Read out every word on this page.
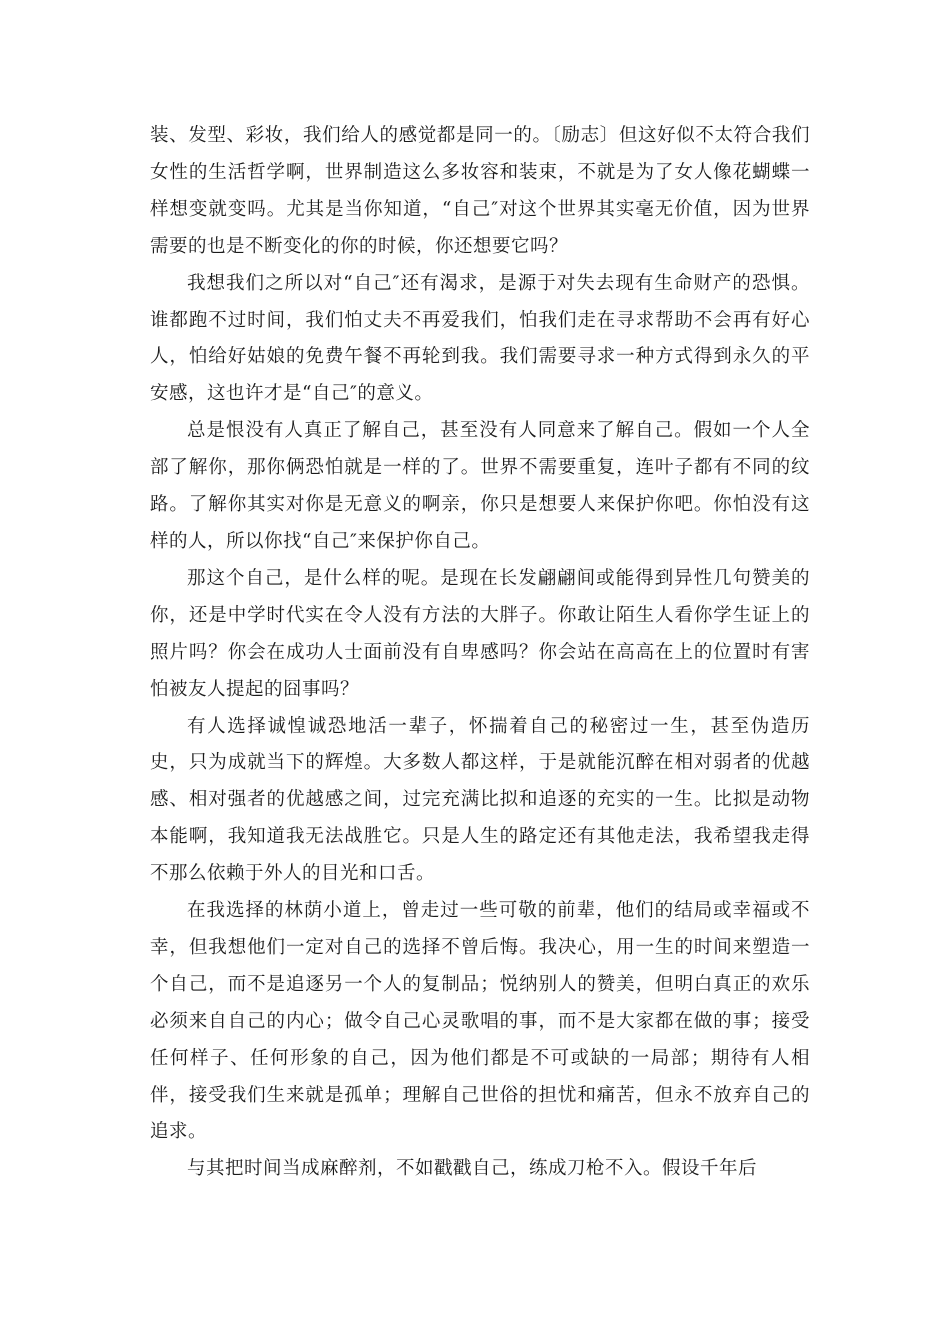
装、发型、彩妆，我们给人的感觉都是同一的。〔励志〕但这好似不太符合我们女性的生活哲学啊，世界制造这么多妆容和装束，不就是为了女人像花蝴蝶一样想变就变吗。尤其是当你知道，“自己″对这个世界其实毫无价值，因为世界需要的也是不断变化的你的时候，你还想要它吗？

我想我们之所以对“自己″还有渴求，是源于对失去现有生命财产的恐惧。谁都跑不过时间，我们怕丈夫不再爱我们，怕我们走在寻求帮助不会再有好心人，怕给好姑娘的免费午餐不再轮到我。我们需要寻求一种方式得到永久的平安感，这也许才是“自己″的意义。

总是恨没有人真正了解自己，甚至没有人同意来了解自己。假如一个人全部了解你，那你俩恐怕就是一样的了。世界不需要重复，连叶子都有不同的纹路。了解你其实对你是无意义的啊亲，你只是想要人来保护你吧。你怕没有这样的人，所以你找“自己″来保护你自己。

那这个自己，是什么样的呢。是现在长发翩翩间或能得到异性几句赞美的你，还是中学时代实在令人没有方法的大胖子。你敢让陌生人看你学生证上的照片吗？你会在成功人士面前没有自卑感吗？你会站在高高在上的位置时有害怕被友人提起的囧事吗？

有人选择诚惶诚恐地活一辈子，怀揣着自己的秘密过一生，甚至伪造历史，只为成就当下的辉煌。大多数人都这样，于是就能沉醉在相对弱者的优越感、相对强者的优越感之间，过完充满比拟和追逐的充实的一生。比拟是动物本能啊，我知道我无法战胜它。只是人生的路定还有其他走法，我希望我走得不那么依赖于外人的目光和口舌。

在我选择的林荫小道上，曾走过一些可敬的前辈，他们的结局或幸福或不幸，但我想他们一定对自己的选择不曾后悔。我决心，用一生的时间来塑造一个自己，而不是追逐另一个人的复制品；悦纳别人的赞美，但明白真正的欢乐必须来自自己的内心；做令自己心灵歌唱的事，而不是大家都在做的事；接受任何样子、任何形象的自己，因为他们都是不可或缺的一局部；期待有人相伴，接受我们生来就是孤单；理解自己世俗的担忧和痛苦，但永不放弃自己的追求。

与其把时间当成麻醉剂，不如戳戳自己，练成刀枪不入。假设千年后
